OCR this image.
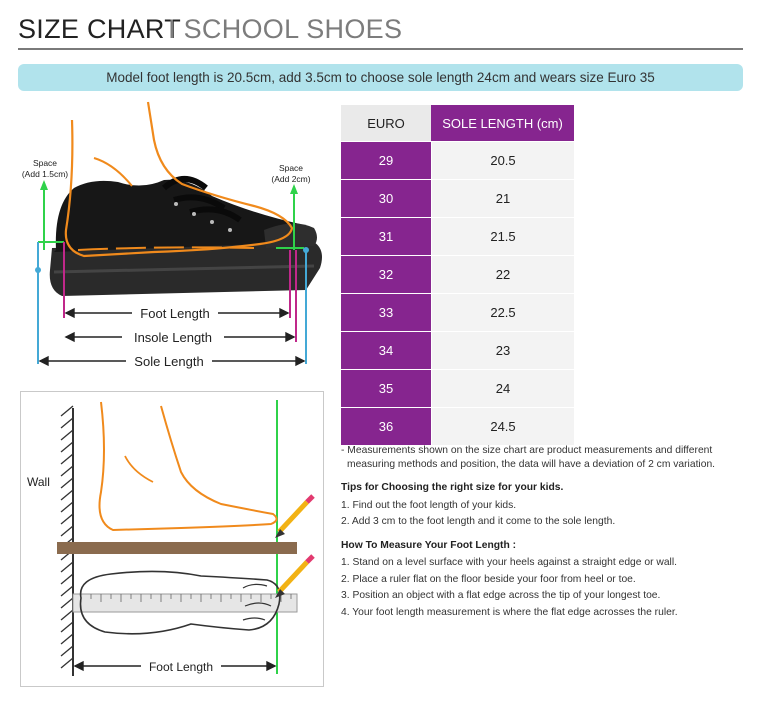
SIZE CHART
I SCHOOL SHOES
Model foot length is 20.5cm, add 3.5cm to choose sole length 24cm and wears size Euro 35
Foot Length
Insole Length
Sole Length
Space
(Add 1.5cm)
Space
(Add 2cm)
Wall
Foot Length
EURO	SOLE LENGTH (cm)
29	20.5
30	21
31	21.5
32	22
33	22.5
34	23
35	24
36	24.5

- Measurements shown on the size chart are product measurements and different measuring methods and position, the data will have a deviation of 2 cm variation.

Tips for Choosing the right size for your kids.

1. Find out the foot length of your kids.

2. Add 3 cm to the foot length and it come to the sole length.

How To Measure Your Foot Length :

1. Stand on a level surface with your heels against a straight edge or wall.

2. Place a ruler flat on the floor beside your foor from heel or toe.

3. Position an object with a flat edge across the tip of your longest toe.

4. Your foot length measurement is where the flat edge acrosses the ruler.
